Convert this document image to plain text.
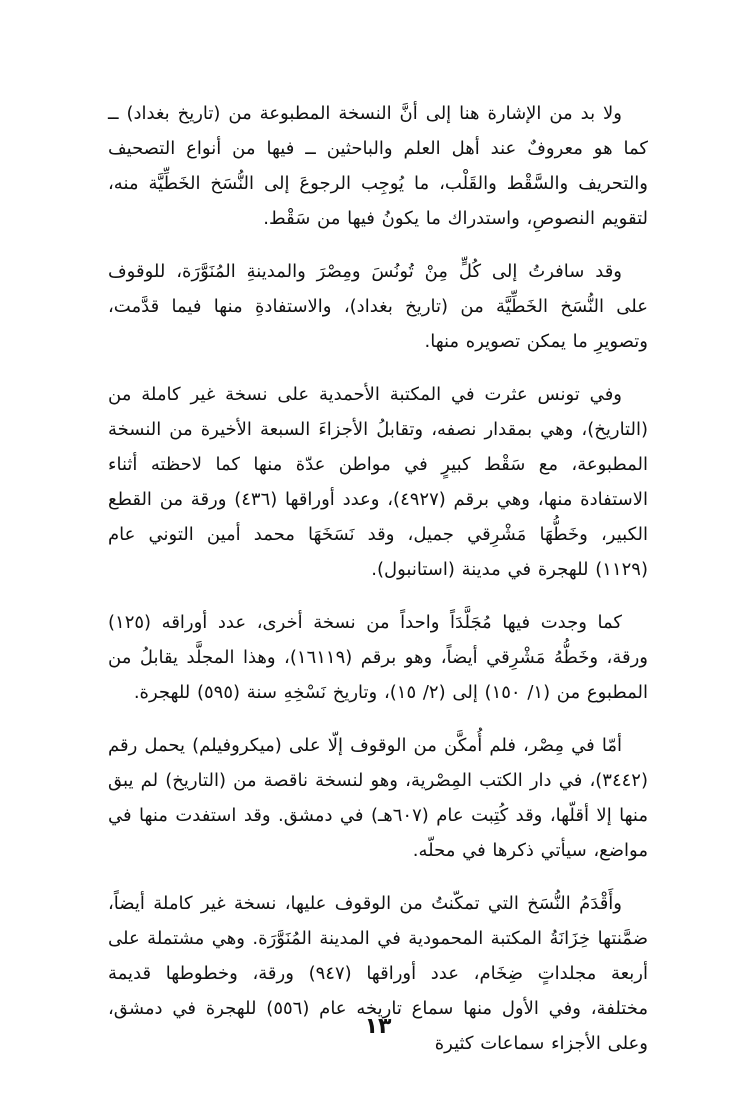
ولا بد من الإشارة هنا إلى أنَّ النسخة المطبوعة من (تاريخ بغداد) ــ كما هو معروفٌ عند أهل العلم والباحثين ــ فيها من أنواع التصحيف والتحريف والسَّقْط والقَلْب، ما يُوجِب الرجوعَ إلى النُّسَخ الخَطِّيَّة منه، لتقويم النصوصِ، واستدراك ما يكونُ فيها من سَقْط.

وقد سافرتُ إلى كُلٍّ مِنْ تُونُسَ ومِصْرَ والمدينةِ المُنَوَّرَة، للوقوف على النُّسَخ الخَطِّيَّة من (تاريخ بغداد)، والاستفادةِ منها فيما قدَّمت، وتصويرِ ما يمكن تصويره منها.

وفي تونس عثرت في المكتبة الأحمدية على نسخة غير كاملة من (التاريخ)، وهي بمقدار نصفه، وتقابلُ الأجزاءَ السبعة الأخيرة من النسخة المطبوعة، مع سَقْط كبيرٍ في مواطن عدّة منها كما لاحظته أثناء الاستفادة منها، وهي برقم (٤٩٢٧)، وعدد أوراقها (٤٣٦) ورقة من القطع الكبير، وخَطُّهَا مَشْرِقي جميل، وقد نَسَخَهَا محمد أمين التوني عام (١١٢٩) للهجرة في مدينة (استانبول).

كما وجدت فيها مُجَلَّدَاً واحداً من نسخة أخرى، عدد أوراقه (١٢٥) ورقة، وخَطُّهُ مَشْرِقي أيضاً، وهو برقم (١٦١١٩)، وهذا المجلَّد يقابلُ من المطبوع من (١/ ١٥٠) إلى (٢/ ١٥)، وتاريخ نَسْخِهِ سنة (٥٩٥) للهجرة.

أمّا في مِصْر، فلم أُمكَّن من الوقوف إلّا على (ميكروفيلم) يحمل رقم (٣٤٤٢)، في دار الكتب المِصْرية، وهو لنسخة ناقصة من (التاريخ) لم يبق منها إلا أقلّها، وقد كُتِبت عام (٦٠٧هـ) في دمشق. وقد استفدت منها في مواضع، سيأتي ذكرها في محلّه.

وأَقْدَمُ النُّسَخ التي تمكّنتُ من الوقوف عليها، نسخة غير كاملة أيضاً، ضمَّنتها خِزَانَةُ المكتبة المحمودية في المدينة المُنَوَّرَة. وهي مشتملة على أربعة مجلداتٍ ضِخَام، عدد أوراقها (٩٤٧) ورقة، وخطوطها قديمة مختلفة، وفي الأول منها سماع تاريخه عام (٥٥٦) للهجرة في دمشق، وعلى الأجزاء سماعات كثيرة

١٣
